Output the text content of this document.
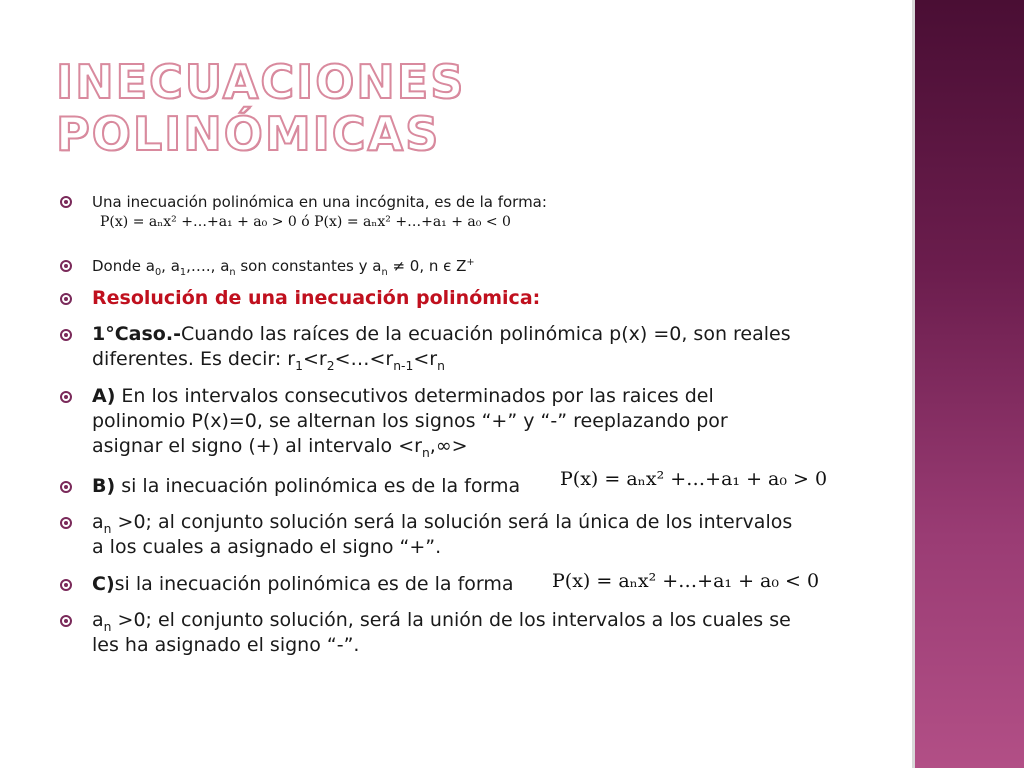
INECUACIONES
POLINÓMICAS
Una inecuación polinómica en una incógnita, es de la forma:
P(x) = aₙx² +…+a₁ + a₀ > 0 ó P(x) = aₙx² +…+a₁ + a₀ < 0
Donde $a_0$, $a_1,\dots$., $a_n$ son constantes y $a_n \ne 0$, n є Z+
Resolución de una inecuación polinómica:
1°Caso.-Cuando las raíces de la ecuación polinómica p(x) =0, son reales
diferentes. Es decir: $r_1<r_2<\dots<r_{n-1}<r_n$
A) En los intervalos consecutivos determinados por las raices del
polinomio P(x)=0, se alternan los signos “+” y “-” reeplazando por
asignar el signo (+) al intervalo $<r_n,\infty>$
B) si la inecuación polinómica es de la forma	P(x) = aₙx² +…+a₁ + a₀ > 0
$a_n >0$; al conjunto solución será la solución será la única de los intervalos
a los cuales a asignado el signo “+”.
C)si la inecuación polinómica es de la forma	P(x) = aₙx² +…+a₁ + a₀ < 0
$a_n >0$; el conjunto solución, será la unión de los intervalos a los cuales se
les ha asignado el signo “-”.
